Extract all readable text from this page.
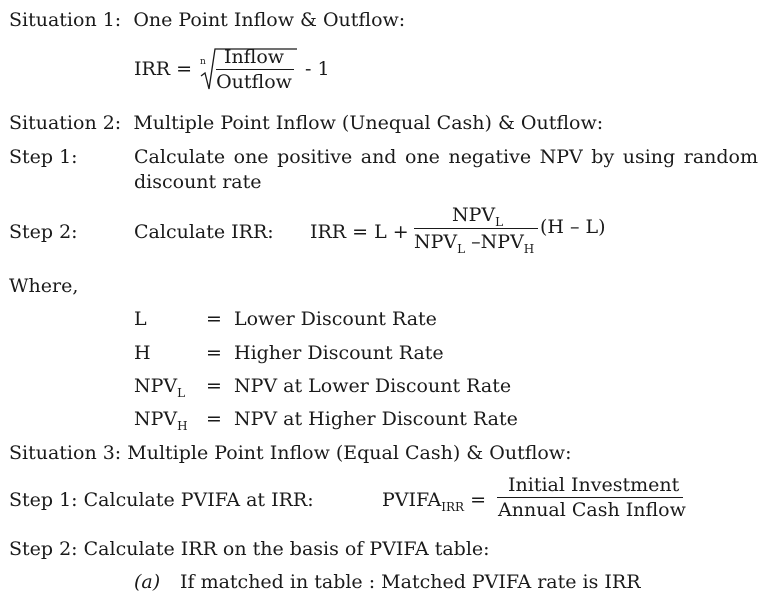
Situation 1: One Point Inflow & Outflow:
IRR = n Inflow
Outflow
- 1
Situation 2: Multiple Point Inflow (Unequal Cash) & Outflow:
Step 1:	Calculate one positive and one negative NPV by using random
discount rate
Step 2:	Calculate IRR: IRR = L +
$NPV_L$
$NPV_L$ $-NPV_H$
(H – L)
Where,
L	= Lower Discount Rate
H	= Higher Discount Rate
$NPV_L$ = NPV at Lower Discount Rate
$NPV_H$ = NPV at Higher Discount Rate
Situation 3: Multiple Point Inflow (Equal Cash) & Outflow:
Step 1: Calculate PVIFA at IRR:	$PVIFA_{IRR}$ =
Initial Investment
Annual Cash Inflow
Step 2: Calculate IRR on the basis of PVIFA table:
(a) If matched in table : Matched PVIFA rate is IRR
